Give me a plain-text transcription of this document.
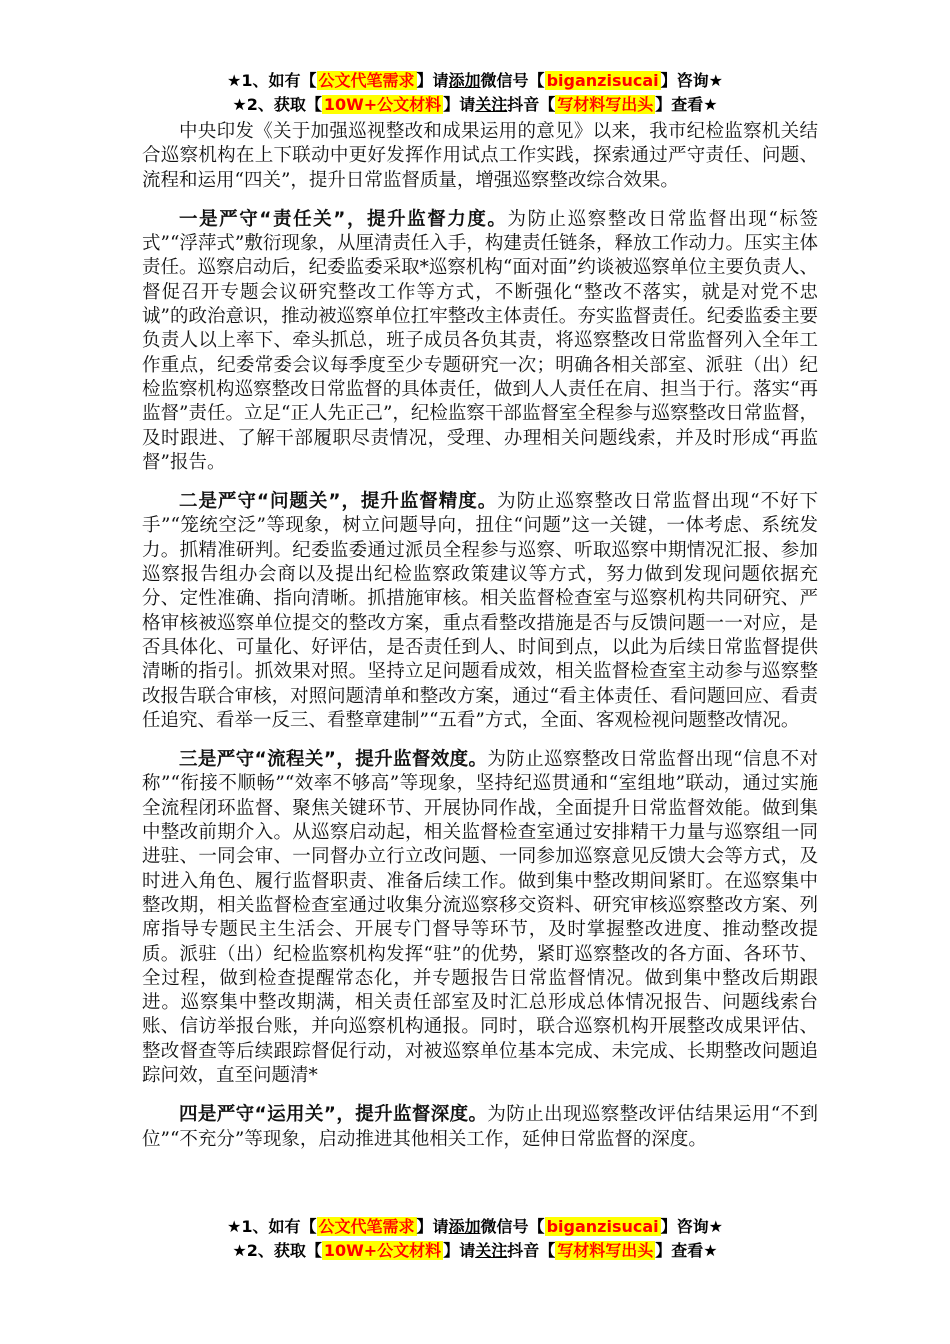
★1、如有【 公文代笔需求 】请添加微信号【 biganzisucai 】咨询★
★2、获取【 10W+公文材料 】请关注抖音【 写材料写出头 】查看★

中央印发《关于加强巡视整改和成果运用的意见》以来，我市纪检监察机关结合巡察机构在上下联动中更好发挥作用试点工作实践，探索通过严守责任、问题、流程和运用“四关”，提升日常监督质量，增强巡察整改综合效果。

一是严守“责任关”，提升监督力度。为防止巡察整改日常监督出现“标签式”“浮萍式”敷衍现象，从厘清责任入手，构建责任链条，释放工作动力。压实主体责任。巡察启动后，纪委监委采取*巡察机构“面对面”约谈被巡察单位主要负责人、督促召开专题会议研究整改工作等方式，不断强化“整改不落实，就是对党不忠诚”的政治意识，推动被巡察单位扛牢整改主体责任。夯实监督责任。纪委监委主要负责人以上率下、牵头抓总，班子成员各负其责，将巡察整改日常监督列入全年工作重点，纪委常委会议每季度至少专题研究一次；明确各相关部室、派驻（出）纪检监察机构巡察整改日常监督的具体责任，做到人人责任在肩、担当于行。落实“再监督”责任。立足“正人先正己”，纪检监察干部监督室全程参与巡察整改日常监督，及时跟进、了解干部履职尽责情况，受理、办理相关问题线索，并及时形成“再监督”报告。

二是严守“问题关”，提升监督精度。为防止巡察整改日常监督出现“不好下手”“笼统空泛”等现象，树立问题导向，扭住“问题”这一关键，一体考虑、系统发力。抓精准研判。纪委监委通过派员全程参与巡察、听取巡察中期情况汇报、参加巡察报告组办会商以及提出纪检监察政策建议等方式，努力做到发现问题依据充分、定性准确、指向清晰。抓措施审核。相关监督检查室与巡察机构共同研究、严格审核被巡察单位提交的整改方案，重点看整改措施是否与反馈问题一一对应，是否具体化、可量化、好评估，是否责任到人、时间到点，以此为后续日常监督提供清晰的指引。抓效果对照。坚持立足问题看成效，相关监督检查室主动参与巡察整改报告联合审核，对照问题清单和整改方案，通过“看主体责任、看问题回应、看责任追究、看举一反三、看整章建制”“五看”方式，全面、客观检视问题整改情况。

三是严守“流程关”，提升监督效度。为防止巡察整改日常监督出现“信息不对称”“衔接不顺畅”“效率不够高”等现象，坚持纪巡贯通和“室组地”联动，通过实施全流程闭环监督、聚焦关键环节、开展协同作战，全面提升日常监督效能。做到集中整改前期介入。从巡察启动起，相关监督检查室通过安排精干力量与巡察组一同进驻、一同会审、一同督办立行立改问题、一同参加巡察意见反馈大会等方式，及时进入角色、履行监督职责、准备后续工作。做到集中整改期间紧盯。在巡察集中整改期，相关监督检查室通过收集分流巡察移交资料、研究审核巡察整改方案、列席指导专题民主生活会、开展专门督导等环节，及时掌握整改进度、推动整改提质。派驻（出）纪检监察机构发挥“驻”的优势，紧盯巡察整改的各方面、各环节、全过程，做到检查提醒常态化，并专题报告日常监督情况。做到集中整改后期跟进。巡察集中整改期满，相关责任部室及时汇总形成总体情况报告、问题线索台账、信访举报台账，并向巡察机构通报。同时，联合巡察机构开展整改成果评估、整改督查等后续跟踪督促行动，对被巡察单位基本完成、未完成、长期整改问题追踪问效，直至问题清*

四是严守“运用关”，提升监督深度。为防止出现巡察整改评估结果运用“不到位”“不充分”等现象，启动推进其他相关工作，延伸日常监督的深度。

★1、如有【 公文代笔需求 】请添加微信号【 biganzisucai 】咨询★
★2、获取【 10W+公文材料 】请关注抖音【 写材料写出头 】查看★
